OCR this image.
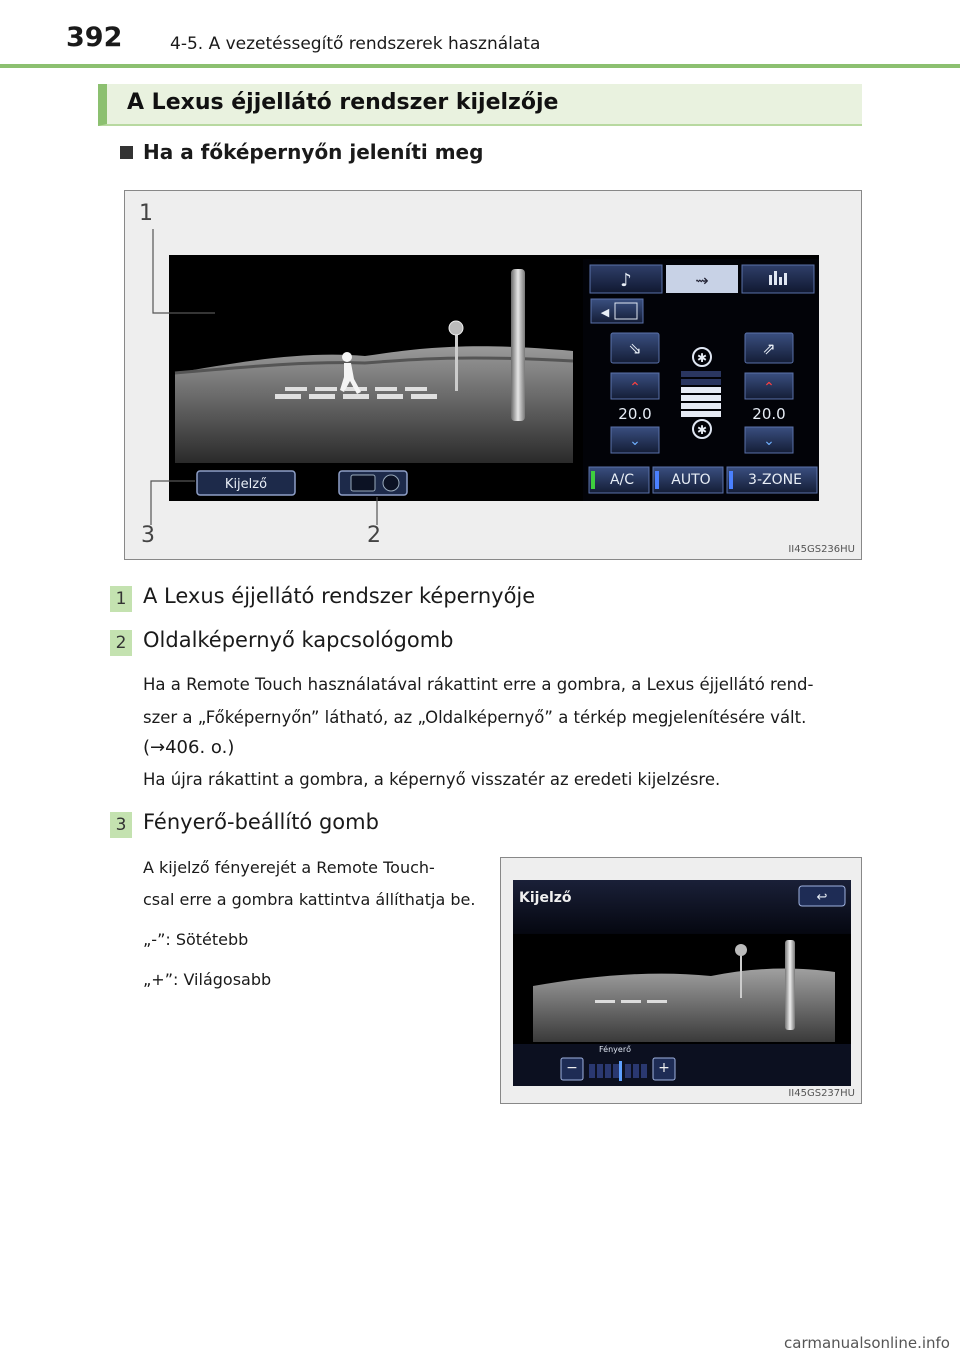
392	4-5. A vezetéssegítő rendszerek használata
A Lexus éjjellátó rendszer kijelzője
Ha a főképernyőn jeleníti meg
Kijelző
♪	⇝
◀
⇘	⇗
✱
✱
⌃
⌄
⌃
⌄
1
2
3
20.0	20.0
A/C	AUTO	3-ZONE
II45GS236HU
1 A Lexus éjjellátó rendszer képernyője
2 Oldalképernyő kapcsológomb
Ha a Remote Touch használatával rákattint erre a gombra, a Lexus éjjellátó rend-
szer a „Főképernyőn” látható, az „Oldalképernyő” a térkép megjelenítésére vált.
(→406. o.)
Ha újra rákattint a gombra, a képernyő visszatér az eredeti kijelzésre.
3 Fényerő-beállító gomb
A kijelző fényerejét a Remote Touch-
csal erre a gombra kattintva állíthatja be.
„-”: Sötétebb
„+”: Világosabb
↩
Kijelző
Fényerő
−	+
II45GS237HU
carmanualsonline.info
